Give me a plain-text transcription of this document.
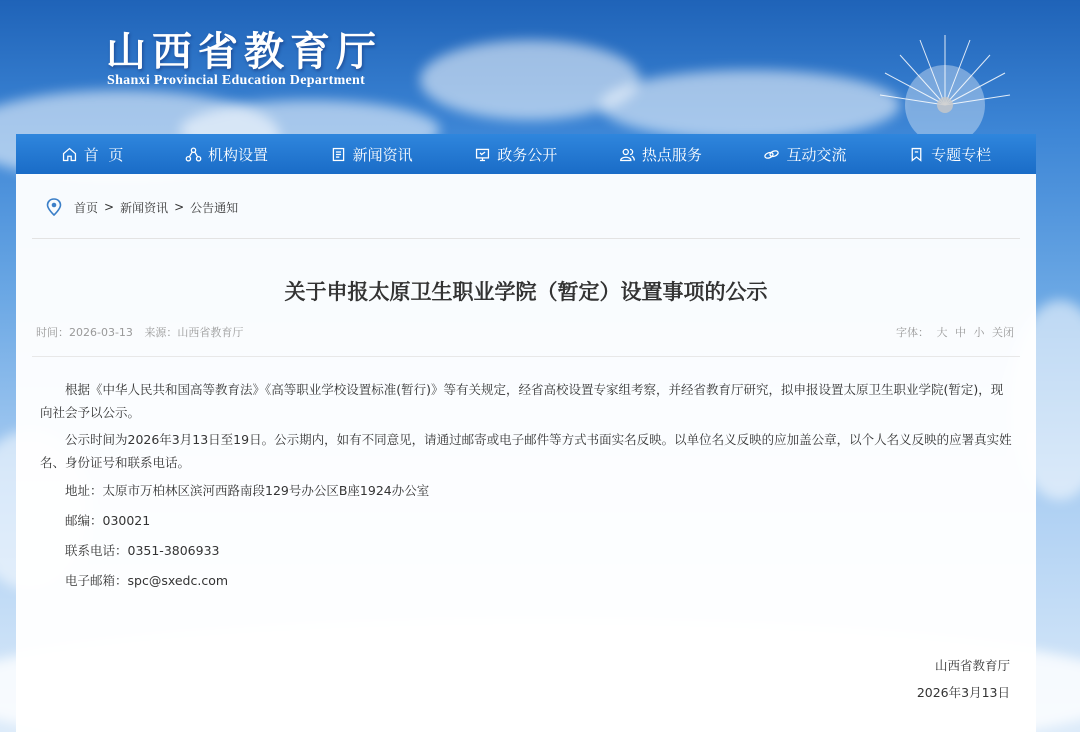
山西省教育厅
Shanxi Provincial Education Department
首  页	机构设置	新闻资讯	政务公开	热点服务	互动交流	专题专栏
首页 > 新闻资讯 > 公告通知
关于申报太原卫生职业学院（暂定）设置事项的公示
时间：2026-03-13 来源：山西省教育厅	字体： 大 中 小 关闭

根据《中华人民共和国高等教育法》《高等职业学校设置标准(暂行)》等有关规定，经省高校设置专家组考察，并经省教育厅研究，拟申报设置太原卫生职业学院(暂定)，现向社会予以公示。

公示时间为2026年3月13日至19日。公示期内，如有不同意见，请通过邮寄或电子邮件等方式书面实名反映。以单位名义反映的应加盖公章，以个人名义反映的应署真实姓名、身份证号和联系电话。

地址：太原市万柏林区滨河西路南段129号办公区B座1924办公室

邮编：030021

联系电话：0351-3806933

电子邮箱：spc@sxedc.com

山西省教育厅
2026年3月13日
